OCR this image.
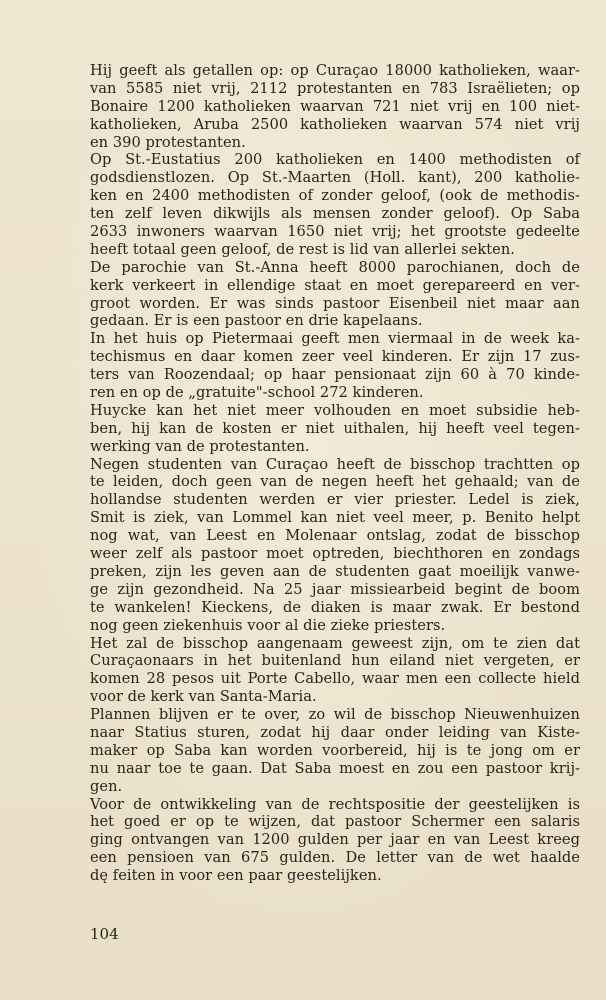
Hij geeft als getallen op: op Curaçao 18000 katholieken, waar-
van 5585 niet vrij, 2112 protestanten en 783 Israëlieten; op
Bonaire 1200 katholieken waarvan 721 niet vrij en 100 niet-
katholieken, Aruba 2500 katholieken waarvan 574 niet vrij
en 390 protestanten.
Op St.-Eustatius 200 katholieken en 1400 methodisten of
godsdienstlozen. Op St.-Maarten (Holl. kant), 200 katholie-
ken en 2400 methodisten of zonder geloof, (ook de methodis-
ten zelf leven dikwijls als mensen zonder geloof). Op Saba
2633 inwoners waarvan 1650 niet vrij; het grootste gedeelte
heeft totaal geen geloof, de rest is lid van allerlei sekten.
De parochie van St.-Anna heeft 8000 parochianen, doch de
kerk verkeert in ellendige staat en moet gerepareerd en ver-
groot worden. Er was sinds pastoor Eisenbeil niet maar aan
gedaan. Er is een pastoor en drie kapelaans.
In het huis op Pietermaai geeft men viermaal in de week ka-
techismus en daar komen zeer veel kinderen. Er zijn 17 zus-
ters van Roozendaal; op haar pensionaat zijn 60 à 70 kinde-
ren en op de „gratuite"-school 272 kinderen.
Huycke kan het niet meer volhouden en moet subsidie heb-
ben, hij kan de kosten er niet uithalen, hij heeft veel tegen-
werking van de protestanten.
Negen studenten van Curaçao heeft de bisschop trachtten op
te leiden, doch geen van de negen heeft het gehaald; van de
hollandse studenten werden er vier priester. Ledel is ziek,
Smit is ziek, van Lommel kan niet veel meer, p. Benito helpt
nog wat, van Leest en Molenaar ontslag, zodat de bisschop
weer zelf als pastoor moet optreden, biechthoren en zondags
preken, zijn les geven aan de studenten gaat moeilijk vanwe-
ge zijn gezondheid. Na 25 jaar missiearbeid begint de boom
te wankelen! Kieckens, de diaken is maar zwak. Er bestond
nog geen ziekenhuis voor al die zieke priesters.
Het zal de bisschop aangenaam geweest zijn, om te zien dat
Curaçaonaars in het buitenland hun eiland niet vergeten, er
komen 28 pesos uit Porte Cabello, waar men een collecte hield
voor de kerk van Santa-Maria.
Plannen blijven er te over, zo wil de bisschop Nieuwenhuizen
naar Statius sturen, zodat hij daar onder leiding van Kiste-
maker op Saba kan worden voorbereid, hij is te jong om er
nu naar toe te gaan. Dat Saba moest en zou een pastoor krij-
gen.
Voor de ontwikkeling van de rechtspositie der geestelijken is
het goed er op te wijzen, dat pastoor Schermer een salaris
ging ontvangen van 1200 gulden per jaar en van Leest kreeg
een pensioen van 675 gulden. De letter van de wet haalde
dę feiten in voor een paar geestelijken.
104
